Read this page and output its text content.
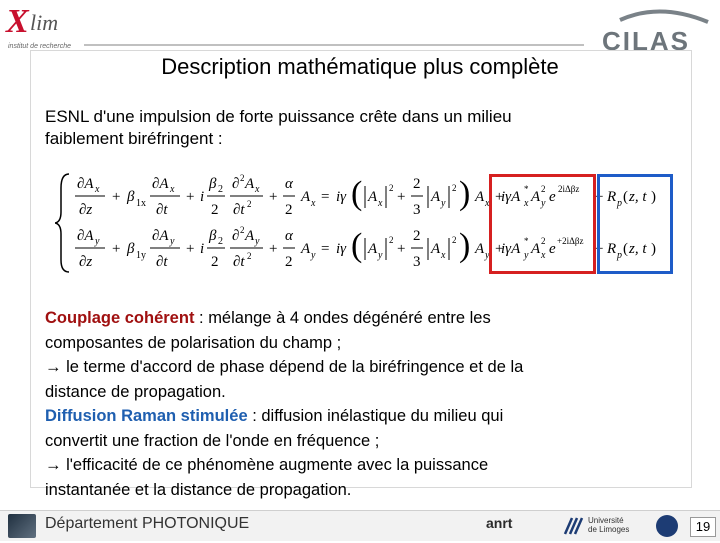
X lim
institut de recherche	CILAS
Description mathématique plus complète
ESNL d'une impulsion de forte puissance crête dans un milieu
faiblement biréfringent :
∂A x
∂z
+ β 1x
∂A x
∂t
+ i
β 2
2
∂ 2 A x
∂t 2 +
α
2
A x = iγ ( A x
2
+
2
3
A y
2 ) A x +
iγA *
x A y
2 e 2iΔβz + R p ( z, t )
∂A y
∂z
+ β 1y
∂A y
∂t
+ i
β 2
2
∂ 2 A y
∂t 2 +
α
2
A y = iγ ( A y
2
+
2
3
A x
2 ) A y +
iγA *
y A x
2 e +2iΔβz + R p ( z, t )

Couplage cohérent : mélange à 4 ondes dégénéré entre les

composantes de polarisation du champ ;

→ le terme d'accord de phase dépend de la biréfringence et de la

distance de propagation.

Diffusion Raman stimulée : diffusion inélastique du milieu qui

convertit une fraction de l'onde en fréquence ;

→ l'efficacité de ce phénomène augmente avec la puissance

instantanée et la distance de propagation.

Département PHOTONIQUE	anrt	Université
de Limoges	19
